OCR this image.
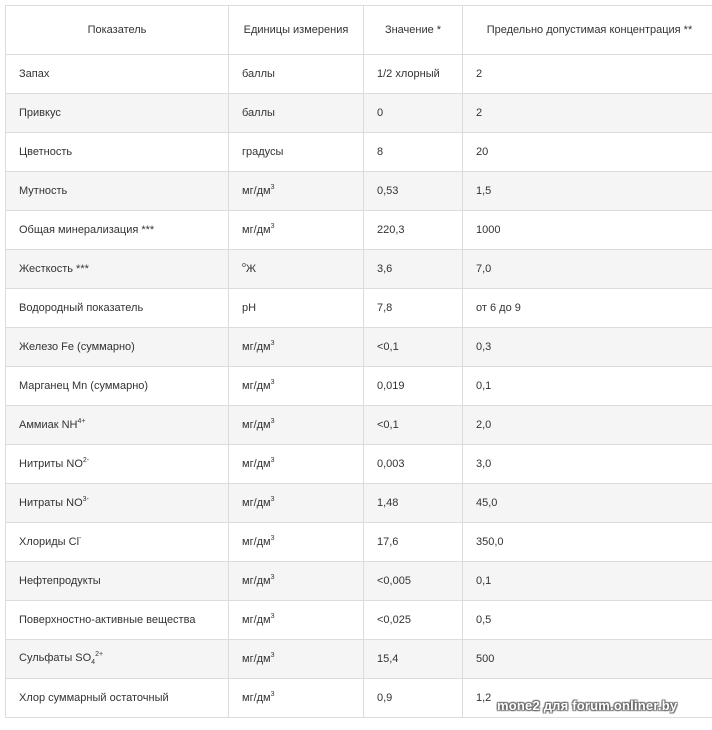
Показатель	Единицы измерения	Значение *	Предельно допустимая концентрация **
Запах	баллы	1/2 хлорный	2
Привкус	баллы	0	2
Цветность	градусы	8	20
Мутность	$мг/дм^3$	0,53	1,5
Общая минерализация ***	$мг/дм^3$	220,3	1000
Жесткость ***	$^о$Ж	3,6	7,0
Водородный показатель	pH	7,8	от 6 до 9
Железо Fe (суммарно)	$мг/дм^3$	<0,1	0,3
Марганец Mn (суммарно)	$мг/дм^3$	0,019	0,1
Аммиак $NH^{4+}$	$мг/дм^3$	<0,1	2,0
Нитриты $NO^{2-}$	$мг/дм^3$	0,003	3,0
Нитраты $NO^{3-}$	$мг/дм^3$	1,48	45,0
Хлориды Cl-	$мг/дм^3$	17,6	350,0
Нефтепродукты	$мг/дм^3$	<0,005	0,1
Поверхностно-активные вещества	$мг/дм^3$	<0,025	0,5
Сульфаты $SO_4^{2+}$	$мг/дм^3$	15,4	500
Хлор суммарный остаточный	$мг/дм^3$	0,9	1,2 mone2 для forum.onliner.by
